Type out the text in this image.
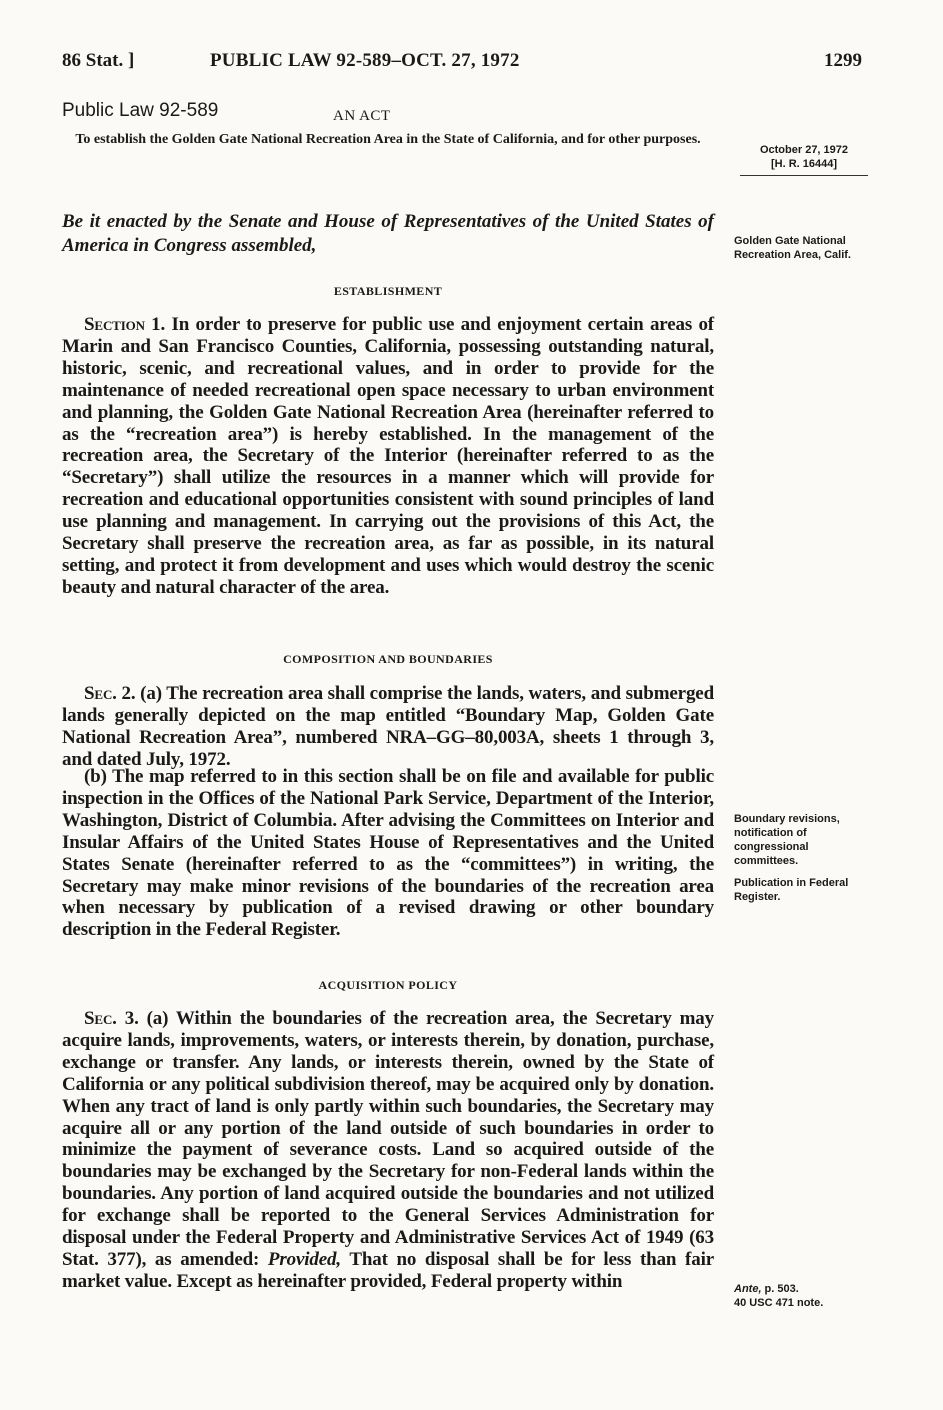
86 Stat. ]	PUBLIC LAW 92-589–OCT. 27, 1972	1299
Public Law 92-589	AN ACT
To establish the Golden Gate National Recreation Area in the State of California, and for other purposes.
October 27, 1972
[H. R. 16444]
Be it enacted by the Senate and House of Representatives of the United States of America in Congress assembled,	Golden Gate National Recreation Area, Calif.
ESTABLISHMENT
Section 1. In order to preserve for public use and enjoyment certain areas of Marin and San Francisco Counties, California, possessing outstanding natural, historic, scenic, and recreational values, and in order to provide for the maintenance of needed recreational open space necessary to urban environment and planning, the Golden Gate National Recreation Area (hereinafter referred to as the “recreation area”) is hereby established. In the management of the recreation area, the Secretary of the Interior (hereinafter referred to as the “Secretary”) shall utilize the resources in a manner which will provide for recreation and educational opportunities consistent with sound principles of land use planning and management. In carrying out the provisions of this Act, the Secretary shall preserve the recreation area, as far as possible, in its natural setting, and protect it from development and uses which would destroy the scenic beauty and natural character of the area.
COMPOSITION AND BOUNDARIES
Sec. 2. (a) The recreation area shall comprise the lands, waters, and submerged lands generally depicted on the map entitled “Boundary Map, Golden Gate National Recreation Area”, numbered NRA–GG–80,003A, sheets 1 through 3, and dated July, 1972.
(b) The map referred to in this section shall be on file and available for public inspection in the Offices of the National Park Service, Department of the Interior, Washington, District of Columbia. After advising the Committees on Interior and Insular Affairs of the United States House of Representatives and the United States Senate (hereinafter referred to as the “committees”) in writing, the Secretary may make minor revisions of the boundaries of the recreation area when necessary by publication of a revised drawing or other boundary description in the Federal Register.
Boundary revisions, notification of congressional committees.
Publication in Federal Register.
ACQUISITION POLICY
Sec. 3. (a) Within the boundaries of the recreation area, the Secretary may acquire lands, improvements, waters, or interests therein, by donation, purchase, exchange or transfer. Any lands, or interests therein, owned by the State of California or any political subdivision thereof, may be acquired only by donation. When any tract of land is only partly within such boundaries, the Secretary may acquire all or any portion of the land outside of such boundaries in order to minimize the payment of severance costs. Land so acquired outside of the boundaries may be exchanged by the Secretary for non-Federal lands within the boundaries. Any portion of land acquired outside the boundaries and not utilized for exchange shall be reported to the General Services Administration for disposal under the Federal Property and Administrative Services Act of 1949 (63 Stat. 377), as amended: Provided, That no disposal shall be for less than fair market value. Except as hereinafter provided, Federal property within	Ante, p. 503.
40 USC 471 note.
